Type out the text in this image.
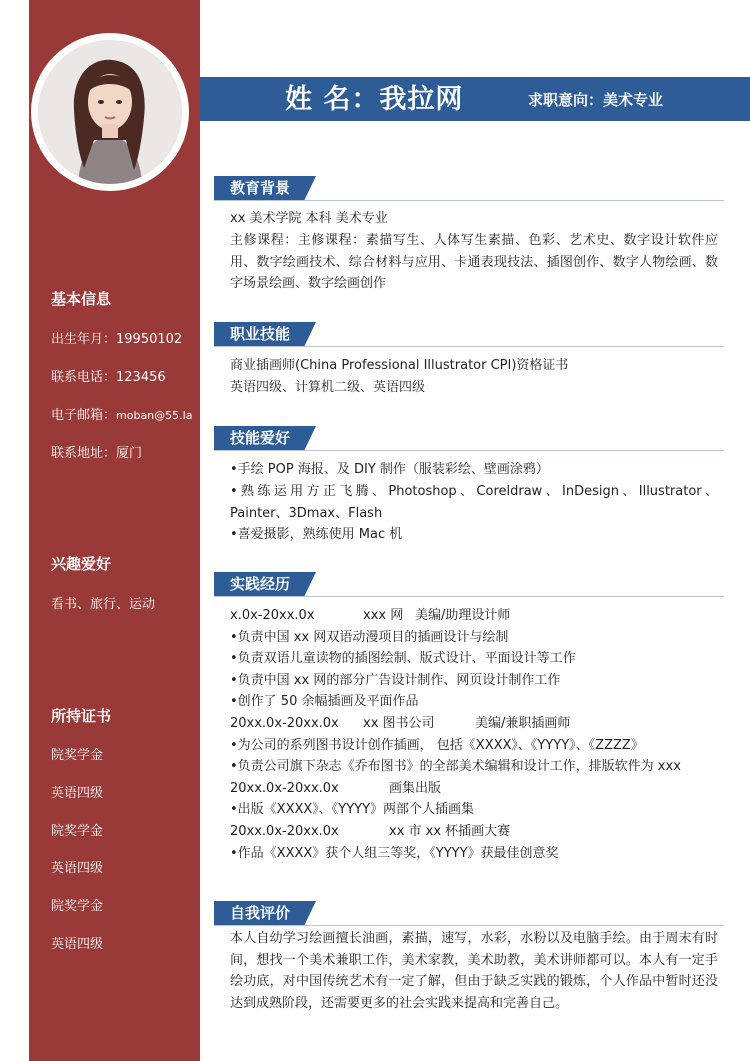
姓 名：我拉网	求职意向：美术专业
基本信息
出生年月：19950102
联系电话：123456
电子邮箱：moban@55.la
联系地址：厦门
兴趣爱好
看书、旅行、运动
所持证书
院奖学金
英语四级
院奖学金
英语四级
院奖学金
英语四级
教育背景
xx 美术学院 本科 美术专业
主修课程：主修课程：素描写生、人体写生素描、色彩、艺术史、数字设计软件应用、数字绘画技术、综合材料与应用、卡通表现技法、插图创作、数字人物绘画、数字场景绘画、数字绘画创作
职业技能
商业插画师(China Professional Illustrator CPI)资格证书
英语四级、计算机二级、英语四级
技能爱好
•手绘 POP 海报、及 DIY 制作（服装彩绘、壁画涂鸦）
•熟练运用方正飞腾、Photoshop、Coreldraw、InDesign、Illustrator、Painter、3Dmax、Flash
•喜爱摄影，熟练使用 Mac 机
实践经历
x.0x-20xx.0x	xxx 网 美编/助理设计师
•负责中国 xx 网双语动漫项目的插画设计与绘制
•负责双语儿童读物的插图绘制、版式设计、平面设计等工作
•负责中国 xx 网的部分广告设计制作、网页设计制作工作
•创作了 50 余幅插画及平面作品
20xx.0x-20xx.0x xx 图书公司	美编/兼职插画师
•为公司的系列图书设计创作插画， 包括《XXXX》、《YYYY》、《ZZZZ》
•负责公司旗下杂志《乔布图书》的全部美术编辑和设计工作，排版软件为 xxx
20xx.0x-20xx.0x	画集出版
•出版《XXXX》、《YYYY》两部个人插画集
20xx.0x-20xx.0x	xx 市 xx 杯插画大赛
•作品《XXXX》获个人组三等奖，《YYYY》获最佳创意奖
自我评价
本人自幼学习绘画擅长油画，素描，速写，水彩，水粉以及电脑手绘。由于周末有时间，想找一个美术兼职工作，美术家教，美术助教，美术讲师都可以。本人有一定手绘功底，对中国传统艺术有一定了解，但由于缺乏实践的锻炼，个人作品中暂时还没达到成熟阶段，还需要更多的社会实践来提高和完善自己。
